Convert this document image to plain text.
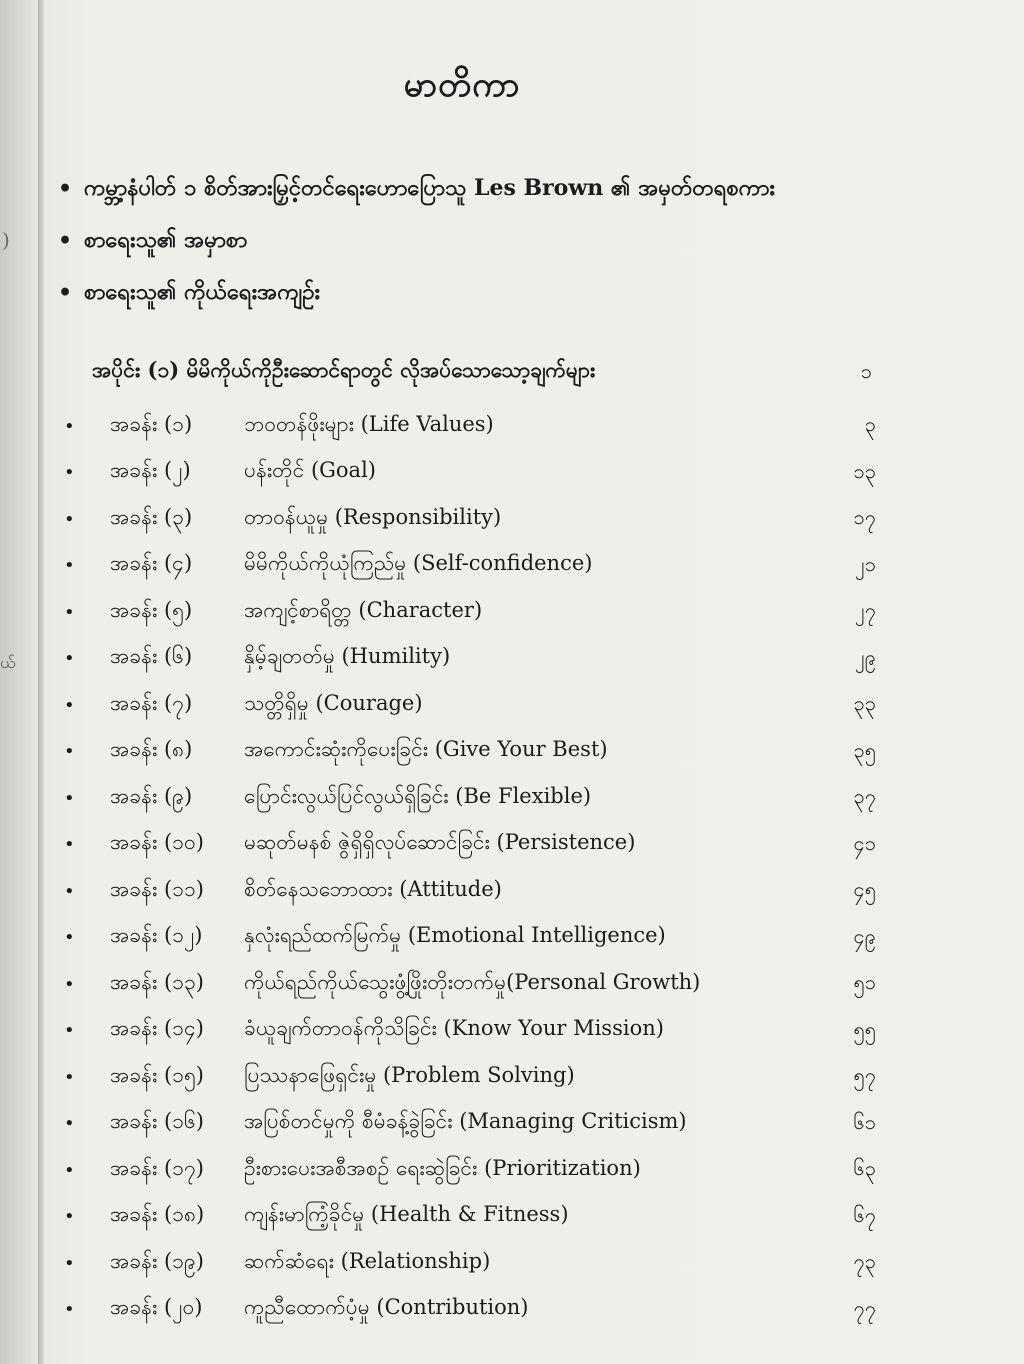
)
ယ်
မာတိကာ
• ကမ္ဘာ့နံပါတ် ၁ စိတ်အားမြှင့်တင်ရေးဟောပြောသူ Les Brown ၏ အမှတ်တရစကား
• စာရေးသူ၏ အမှာစာ
• စာရေးသူ၏ ကိုယ်ရေးအကျဉ်း
အပိုင်း (၁) မိမိကိုယ်ကိုဦးဆောင်ရာတွင် လိုအပ်သောသော့ချက်များ	၁
•	အခန်း (၁)	ဘဝတန်ဖိုးများ (Life Values)	၃
•	အခန်း (၂)	ပန်းတိုင် (Goal)	၁၃
•	အခန်း (၃)	တာဝန်ယူမှု (Responsibility)	၁၇
•	အခန်း (၄)	မိမိကိုယ်ကိုယုံကြည်မှု (Self-confidence)	၂၁
•	အခန်း (၅)	အကျင့်စာရိတ္တ (Character)	၂၇
•	အခန်း (၆)	နှိမ့်ချတတ်မှု (Humility)	၂၉
•	အခန်း (၇)	သတ္တိရှိမှု (Courage)	၃၃
•	အခန်း (၈)	အကောင်းဆုံးကိုပေးခြင်း (Give Your Best)	၃၅
•	အခန်း (၉)	ပြောင်းလွယ်ပြင်လွယ်ရှိခြင်း (Be Flexible)	၃၇
•	အခန်း (၁၀)	မဆုတ်မနစ် ဇွဲရှိရှိလုပ်ဆောင်ခြင်း (Persistence)	၄၁
•	အခန်း (၁၁)	စိတ်နေသဘောထား (Attitude)	၄၅
•	အခန်း (၁၂)	နှလုံးရည်ထက်မြက်မှု (Emotional Intelligence)	၄၉
•	အခန်း (၁၃)	ကိုယ်ရည်ကိုယ်သွေးဖွံ့ဖြိုးတိုးတက်မှု(Personal Growth)	၅၁
•	အခန်း (၁၄)	ခံယူချက်တာဝန်ကိုသိခြင်း (Know Your Mission)	၅၅
•	အခန်း (၁၅)	ပြဿနာဖြေရှင်းမှု (Problem Solving)	၅၇
•	အခန်း (၁၆)	အပြစ်တင်မှုကို စီမံခန့်ခွဲခြင်း (Managing Criticism)	၆၁
•	အခန်း (၁၇)	ဦးစားပေးအစီအစဉ် ရေးဆွဲခြင်း (Prioritization)	၆၃
•	အခန်း (၁၈)	ကျန်းမာကြံ့ခိုင်မှု (Health & Fitness)	၆၇
•	အခန်း (၁၉)	ဆက်ဆံရေး (Relationship)	၇၃
•	အခန်း (၂၀)	ကူညီထောက်ပံ့မှု (Contribution)	၇၇
